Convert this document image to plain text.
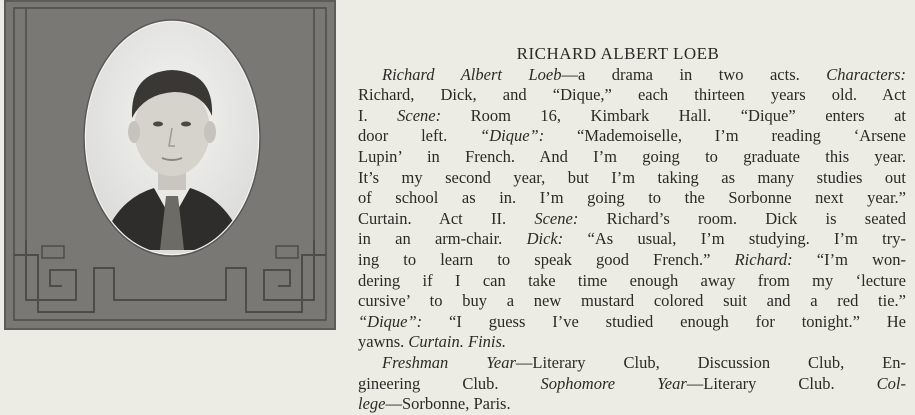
RICHARD ALBERT LOEB
Richard Albert Loeb—a drama in two acts. Characters:
Richard, Dick, and “Dique,” each thirteen years old. Act
I. Scene: Room 16, Kimbark Hall. “Dique” enters at
door left. “Dique”: “Mademoiselle, I’m reading ‘Arsene
Lupin’ in French. And I’m going to graduate this year.
It’s my second year, but I’m taking as many studies out
of school as in. I’m going to the Sorbonne next year.”
Curtain. Act II. Scene: Richard’s room. Dick is seated
in an arm-chair. Dick: “As usual, I’m studying. I’m try-
ing to learn to speak good French.” Richard: “I’m won-
dering if I can take time enough away from my ‘lecture
cursive’ to buy a new mustard colored suit and a red tie.”
“Dique”: “I guess I’ve studied enough for tonight.” He
yawns. Curtain. Finis.
Freshman Year—Literary Club, Discussion Club, En-
gineering Club. Sophomore Year—Literary Club. Col-
lege—Sorbonne, Paris.
